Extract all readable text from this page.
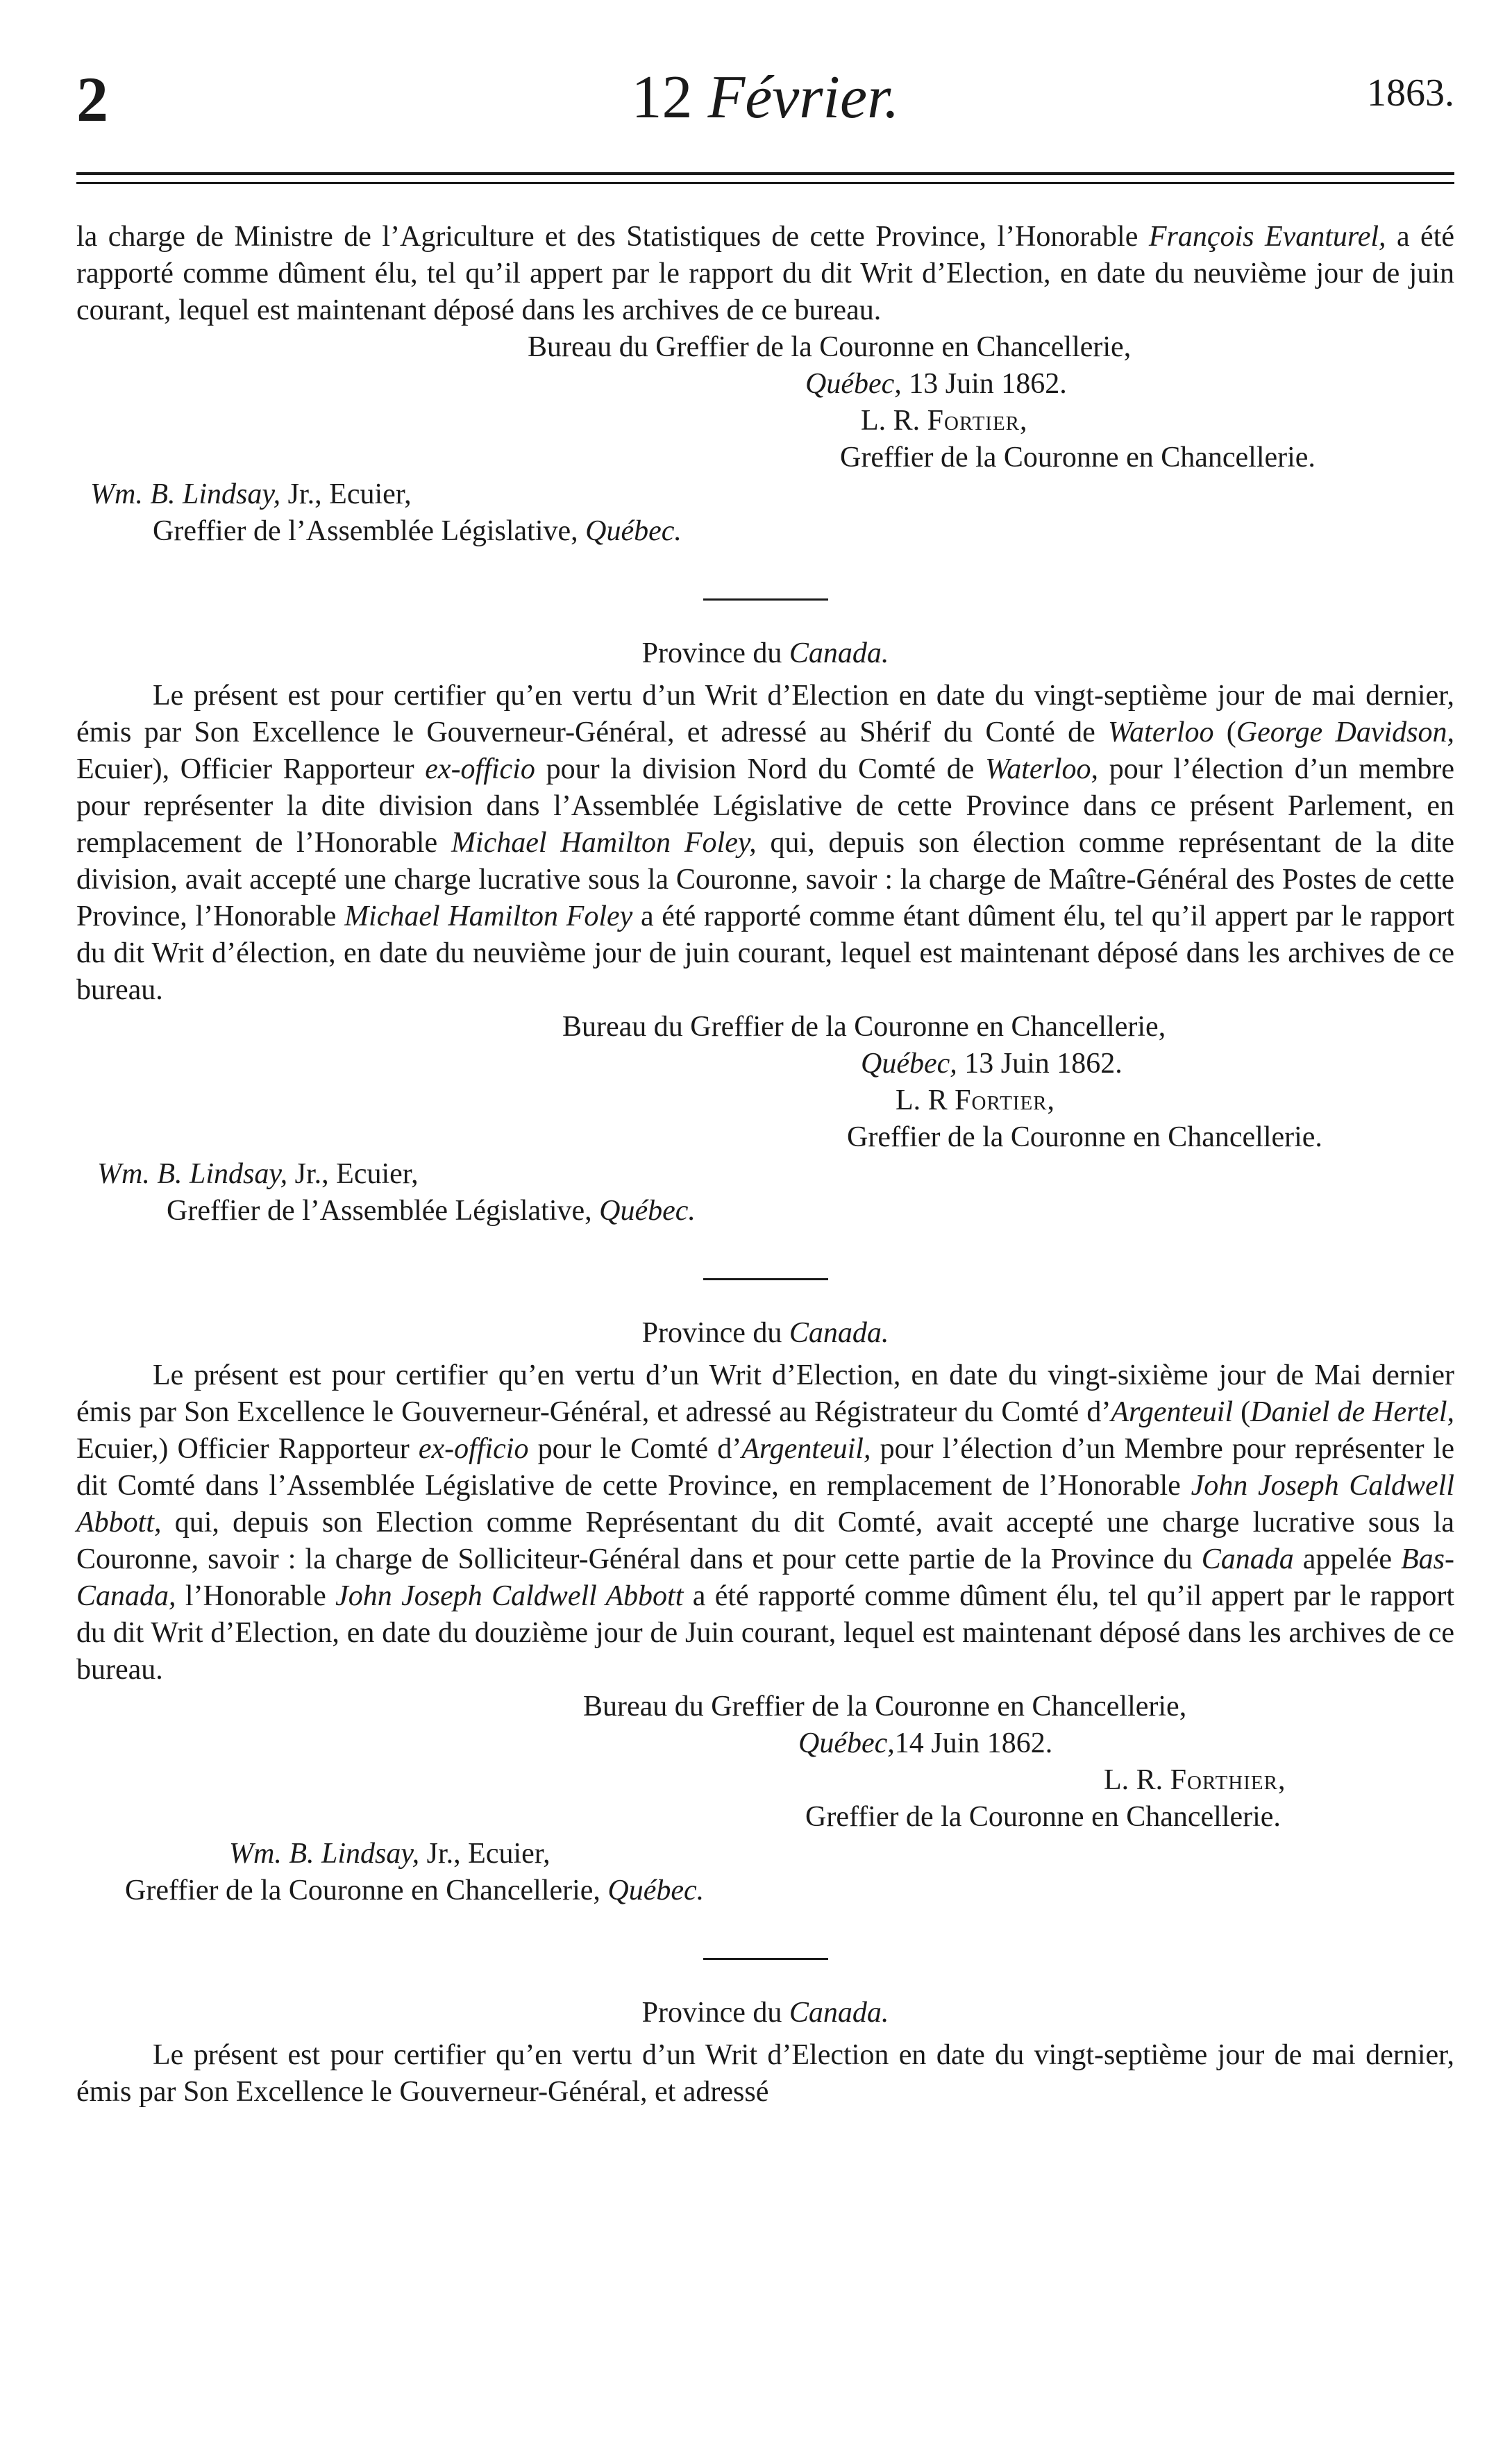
2	12 Février.	1863.

la charge de Ministre de l’Agriculture et des Statistiques de cette Province, l’Honorable François Evanturel, a été rapporté comme dûment élu, tel qu’il appert par le rapport du dit Writ d’Election, en date du neuvième jour de juin courant, lequel est maintenant déposé dans les archives de ce bureau.

Bureau du Greffier de la Couronne en Chancellerie,

Québec, 13 Juin 1862.

L. R. Fortier,

Greffier de la Couronne en Chancellerie.

Wm. B. Lindsay, Jr., Ecuier,

Greffier de l’Assemblée Législative, Québec.

Province du Canada.

Le présent est pour certifier qu’en vertu d’un Writ d’Election en date du vingt-septième jour de mai dernier, émis par Son Excellence le Gouverneur-Général, et adressé au Shérif du Conté de Waterloo (George Davidson, Ecuier), Officier Rapporteur ex-officio pour la division Nord du Comté de Waterloo, pour l’élection d’un membre pour représenter la dite division dans l’Assemblée Législative de cette Province dans ce présent Parlement, en remplacement de l’Honorable Michael Hamilton Foley, qui, depuis son élection comme représentant de la dite division, avait accepté une charge lucrative sous la Couronne, savoir : la charge de Maître-Général des Postes de cette Province, l’Honorable Michael Hamilton Foley a été rapporté comme étant dûment élu, tel qu’il appert par le rapport du dit Writ d’élection, en date du neuvième jour de juin courant, lequel est maintenant déposé dans les archives de ce bureau.

Bureau du Greffier de la Couronne en Chancellerie,

Québec, 13 Juin 1862.

L. R Fortier,

Greffier de la Couronne en Chancellerie.

Wm. B. Lindsay, Jr., Ecuier,

Greffier de l’Assemblée Législative, Québec.

Province du Canada.

Le présent est pour certifier qu’en vertu d’un Writ d’Election, en date du vingt-sixième jour de Mai dernier émis par Son Excellence le Gouverneur-Général, et adressé au Régistrateur du Comté d’Argenteuil (Daniel de Hertel, Ecuier,) Officier Rapporteur ex-officio pour le Comté d’Argenteuil, pour l’élection d’un Membre pour représenter le dit Comté dans l’Assemblée Législative de cette Province, en remplacement de l’Honorable John Joseph Caldwell Abbott, qui, depuis son Election comme Représentant du dit Comté, avait accepté une charge lucrative sous la Couronne, savoir : la charge de Solliciteur-Général dans et pour cette partie de la Province du Canada appelée Bas-Canada, l’Honorable John Joseph Caldwell Abbott a été rapporté comme dûment élu, tel qu’il appert par le rapport du dit Writ d’Election, en date du douzième jour de Juin courant, lequel est maintenant déposé dans les archives de ce bureau.

Bureau du Greffier de la Couronne en Chancellerie,

Québec,14 Juin 1862.

L. R. Forthier,

Greffier de la Couronne en Chancellerie.

Wm. B. Lindsay, Jr., Ecuier,

Greffier de la Couronne en Chancellerie, Québec.

Province du Canada.

Le présent est pour certifier qu’en vertu d’un Writ d’Election en date du vingt-septième jour de mai dernier, émis par Son Excellence le Gouverneur-Général, et adressé
